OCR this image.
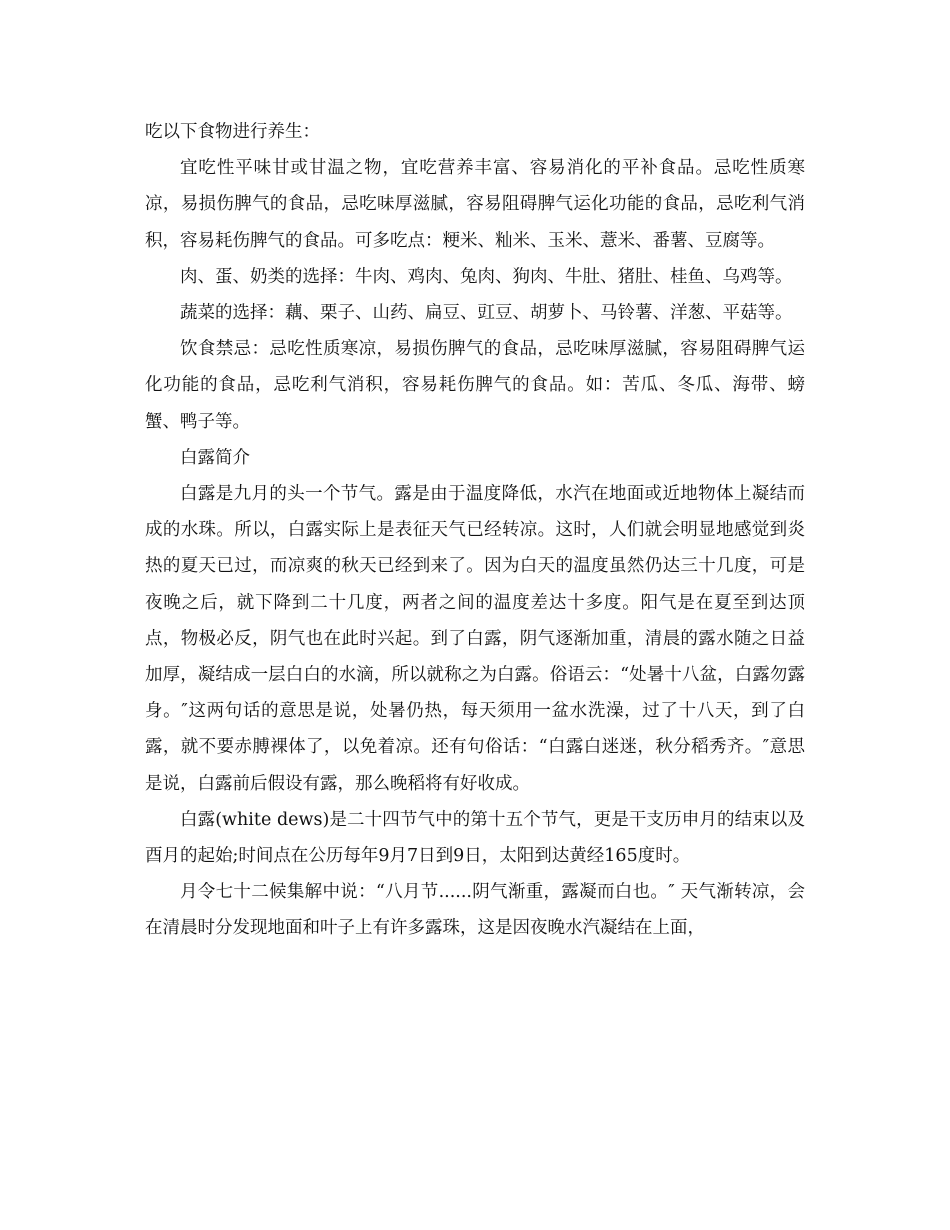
吃以下食物进行养生：

宜吃性平味甘或甘温之物，宜吃营养丰富、容易消化的平补食品。忌吃性质寒凉，易损伤脾气的食品，忌吃味厚滋腻，容易阻碍脾气运化功能的食品，忌吃利气消积，容易耗伤脾气的食品。可多吃点：粳米、籼米、玉米、薏米、番薯、豆腐等。

肉、蛋、奶类的选择：牛肉、鸡肉、兔肉、狗肉、牛肚、猪肚、桂鱼、乌鸡等。

蔬菜的选择：藕、栗子、山药、扁豆、豇豆、胡萝卜、马铃薯、洋葱、平菇等。

饮食禁忌：忌吃性质寒凉，易损伤脾气的食品，忌吃味厚滋腻，容易阻碍脾气运化功能的食品，忌吃利气消积，容易耗伤脾气的食品。如：苦瓜、冬瓜、海带、螃蟹、鸭子等。

白露简介

白露是九月的头一个节气。露是由于温度降低，水汽在地面或近地物体上凝结而成的水珠。所以，白露实际上是表征天气已经转凉。这时，人们就会明显地感觉到炎热的夏天已过，而凉爽的秋天已经到来了。因为白天的温度虽然仍达三十几度，可是夜晚之后，就下降到二十几度，两者之间的温度差达十多度。阳气是在夏至到达顶点，物极必反，阴气也在此时兴起。到了白露，阴气逐渐加重，清晨的露水随之日益加厚，凝结成一层白白的水滴，所以就称之为白露。俗语云：“处暑十八盆，白露勿露身。″这两句话的意思是说，处暑仍热，每天须用一盆水洗澡，过了十八天，到了白露，就不要赤膊裸体了，以免着凉。还有句俗话：“白露白迷迷，秋分稻秀齐。″意思是说，白露前后假设有露，那么晚稻将有好收成。

白露(white dews)是二十四节气中的第十五个节气，更是干支历申月的结束以及酉月的起始;时间点在公历每年9月7日到9日，太阳到达黄经165度时。

月令七十二候集解中说：“八月节......阴气渐重，露凝而白也。″ 天气渐转凉，会在清晨时分发现地面和叶子上有许多露珠，这是因夜晚水汽凝结在上面，
